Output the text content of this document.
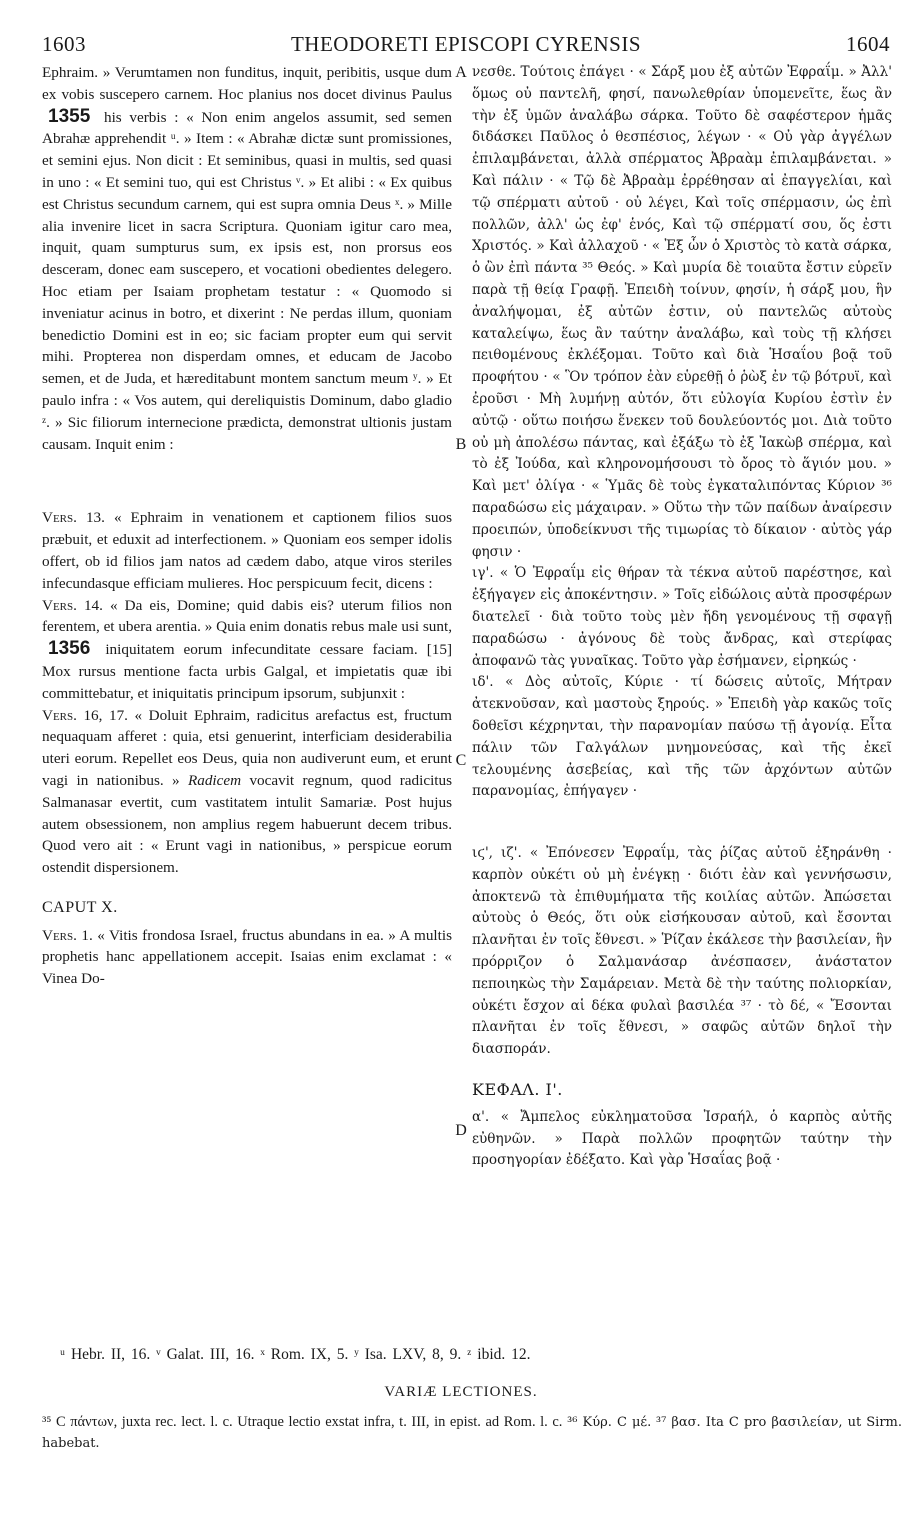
1603	THEODORETI EPISCOPI CYRENSIS	1604

Ephraim. » Verumtamen non funditus, inquit, peribitis, usque dum ex vobis suscepero carnem. Hoc planius nos docet divinus Paulus 1355 his verbis : « Non enim angelos assumit, sed semen Abrahæ apprehendit ᵘ. » Item : « Abrahæ dictæ sunt promissiones, et semini ejus. Non dicit : Et seminibus, quasi in multis, sed quasi in uno : « Et semini tuo, qui est Christus ᵛ. » Et alibi : « Ex quibus est Christus secundum carnem, qui est supra omnia Deus ˣ. » Mille alia invenire licet in sacra Scriptura. Quoniam igitur caro mea, inquit, quam sumpturus sum, ex ipsis est, non prorsus eos desceram, donec eam suscepero, et vocationi obedientes delegero. Hoc etiam per Isaiam prophetam testatur : « Quomodo si inveniatur acinus in botro, et dixerint : Ne perdas illum, quoniam benedictio Domini est in eo; sic faciam propter eum qui servit mihi. Propterea non disperdam omnes, et educam de Jacobo semen, et de Juda, et hæreditabunt montem sanctum meum ʸ. » Et paulo infra : « Vos autem, qui dereliquistis Dominum, dabo gladio ᶻ. » Sic filiorum internecione prædicta, demonstrat ultionis justam causam. Inquit enim :

Vers. 13. « Ephraim in venationem et captionem filios suos præbuit, et eduxit ad interfectionem. » Quoniam eos semper idolis offert, ob id filios jam natos ad cædem dabo, atque viros steriles infecundasque efficiam mulieres. Hoc perspicuum fecit, dicens :

Vers. 14. « Da eis, Domine; quid dabis eis? uterum filios non ferentem, et ubera arentia. » Quia enim donatis rebus male usi sunt, 1356 iniquitatem eorum infecunditate cessare faciam. [15] Mox rursus mentione facta urbis Galgal, et impietatis quæ ibi committebatur, et iniquitatis principum ipsorum, subjunxit :

Vers. 16, 17. « Doluit Ephraim, radicitus arefactus est, fructum nequaquam afferet : quia, etsi genuerint, interficiam desiderabilia uteri eorum. Repellet eos Deus, quia non audiverunt eum, et erunt vagi in nationibus. » Radicem vocavit regnum, quod radicitus Salmanasar evertit, cum vastitatem intulit Samariæ. Post hujus autem obsessionem, non amplius regem habuerunt decem tribus. Quod vero ait : « Erunt vagi in nationibus, » perspicue eorum ostendit dispersionem.

CAPUT X.

Vers. 1. « Vitis frondosa Israel, fructus abundans in ea. » A multis prophetis hanc appellationem accepit. Isaias enim exclamat : « Vinea Do-

A
B
C
D

νεσθε. Τούτοις ἐπάγει · « Σάρξ μου ἐξ αὐτῶν Ἐφραΐμ. » Ἀλλ' ὅμως οὐ παντελῆ, φησί, πανωλεθρίαν ὑπομενεῖτε, ἕως ἂν τὴν ἐξ ὑμῶν ἀναλάβω σάρκα. Τοῦτο δὲ σαφέστερον ἡμᾶς διδάσκει Παῦλος ὁ θεσπέσιος, λέγων · « Οὐ γὰρ ἀγγέλων ἐπιλαμβάνεται, ἀλλὰ σπέρματος Ἀβραὰμ ἐπιλαμβάνεται. » Καὶ πάλιν · « Τῷ δὲ Ἀβραὰμ ἐρρέθησαν αἱ ἐπαγγελίαι, καὶ τῷ σπέρματι αὐτοῦ · οὐ λέγει, Καὶ τοῖς σπέρμασιν, ὡς ἐπὶ πολλῶν, ἀλλ' ὡς ἐφ' ἑνός, Καὶ τῷ σπέρματί σου, ὅς ἐστι Χριστός. » Καὶ ἀλλαχοῦ · « Ἐξ ὧν ὁ Χριστὸς τὸ κατὰ σάρκα, ὁ ὢν ἐπὶ πάντα ³⁵ Θεός. » Καὶ μυρία δὲ τοιαῦτα ἔστιν εὑρεῖν παρὰ τῇ θείᾳ Γραφῇ. Ἐπειδὴ τοίνυν, φησίν, ἡ σάρξ μου, ἣν ἀναλήψομαι, ἐξ αὐτῶν ἐστιν, οὐ παντελῶς αὐτοὺς καταλείψω, ἕως ἂν ταύτην ἀναλάβω, καὶ τοὺς τῇ κλήσει πειθομένους ἐκλέξομαι. Τοῦτο καὶ διὰ Ἡσαΐου βοᾷ τοῦ προφήτου · « Ὃν τρόπον ἐὰν εὑρεθῇ ὁ ῥὼξ ἐν τῷ βότρυϊ, καὶ ἐροῦσι · Μὴ λυμήνῃ αὐτόν, ὅτι εὐλογία Κυρίου ἐστὶν ἐν αὐτῷ · οὕτω ποιήσω ἕνεκεν τοῦ δουλεύοντός μοι. Διὰ τοῦτο οὐ μὴ ἀπολέσω πάντας, καὶ ἐξάξω τὸ ἐξ Ἰακὼβ σπέρμα, καὶ τὸ ἐξ Ἰούδα, καὶ κληρονομήσουσι τὸ ὄρος τὸ ἅγιόν μου. » Καὶ μετ' ὀλίγα · « Ὑμᾶς δὲ τοὺς ἐγκαταλιπόντας Κύριον ³⁶ παραδώσω εἰς μάχαιραν. » Οὕτω τὴν τῶν παίδων ἀναίρεσιν προειπών, ὑποδείκνυσι τῆς τιμωρίας τὸ δίκαιον · αὐτὸς γάρ φησιν ·

ιγ'. « Ὁ Ἐφραΐμ εἰς θήραν τὰ τέκνα αὐτοῦ παρέστησε, καὶ ἐξήγαγεν εἰς ἀποκέντησιν. » Τοῖς εἰδώλοις αὐτὰ προσφέρων διατελεῖ · διὰ τοῦτο τοὺς μὲν ἤδη γενομένους τῇ σφαγῇ παραδώσω · ἀγόνους δὲ τοὺς ἄνδρας, καὶ στερίφας ἀποφανῶ τὰς γυναῖκας. Τοῦτο γὰρ ἐσήμανεν, εἰρηκώς ·

ιδ'. « Δὸς αὐτοῖς, Κύριε · τί δώσεις αὐτοῖς, Μήτραν ἀτεκνοῦσαν, καὶ μαστοὺς ξηρούς. » Ἐπειδὴ γὰρ κακῶς τοῖς δοθεῖσι κέχρηνται, τὴν παρανομίαν παύσω τῇ ἀγονίᾳ. Εἶτα πάλιν τῶν Γαλγάλων μνημονεύσας, καὶ τῆς ἐκεῖ τελουμένης ἀσεβείας, καὶ τῆς τῶν ἀρχόντων αὐτῶν παρανομίας, ἐπήγαγεν ·

ιϛ', ιζ'. « Ἐπόνεσεν Ἐφραΐμ, τὰς ῥίζας αὐτοῦ ἐξηράνθη · καρπὸν οὐκέτι οὐ μὴ ἐνέγκῃ · διότι ἐὰν καὶ γεννήσωσιν, ἀποκτενῶ τὰ ἐπιθυμήματα τῆς κοιλίας αὐτῶν. Ἀπώσεται αὐτοὺς ὁ Θεός, ὅτι οὐκ εἰσήκουσαν αὐτοῦ, καὶ ἔσονται πλανῆται ἐν τοῖς ἔθνεσι. » Ῥίζαν ἐκάλεσε τὴν βασιλείαν, ἣν πρόρριζον ὁ Σαλμανάσαρ ἀνέσπασεν, ἀνάστατον πεποιηκὼς τὴν Σαμάρειαν. Μετὰ δὲ τὴν ταύτης πολιορκίαν, οὐκέτι ἔσχον αἱ δέκα φυλαὶ βασιλέα ³⁷ · τὸ δέ, « Ἔσονται πλανῆται ἐν τοῖς ἔθνεσι, » σαφῶς αὐτῶν δηλοῖ τὴν διασποράν.

ΚΕΦΑΛ. Ι'.

α'. « Ἄμπελος εὐκληματοῦσα Ἰσραήλ, ὁ καρπὸς αὐτῆς εὐθηνῶν. » Παρὰ πολλῶν προφητῶν ταύτην τὴν προσηγορίαν ἐδέξατο. Καὶ γὰρ Ἡσαΐας βοᾷ ·

ᵘ Hebr. II, 16. ᵛ Galat. III, 16. ˣ Rom. IX, 5. ʸ Isa. LXV, 8, 9. ᶻ ibid. 12.
VARIÆ LECTIONES.
³⁵ C πάντων, juxta rec. lect. l. c. Utraque lectio exstat infra, t. III, in epist. ad Rom. l. c. ³⁶ Κύρ. C μέ. ³⁷ βασ. Ita C pro βασιλείαν, ut Sirm. habebat.
